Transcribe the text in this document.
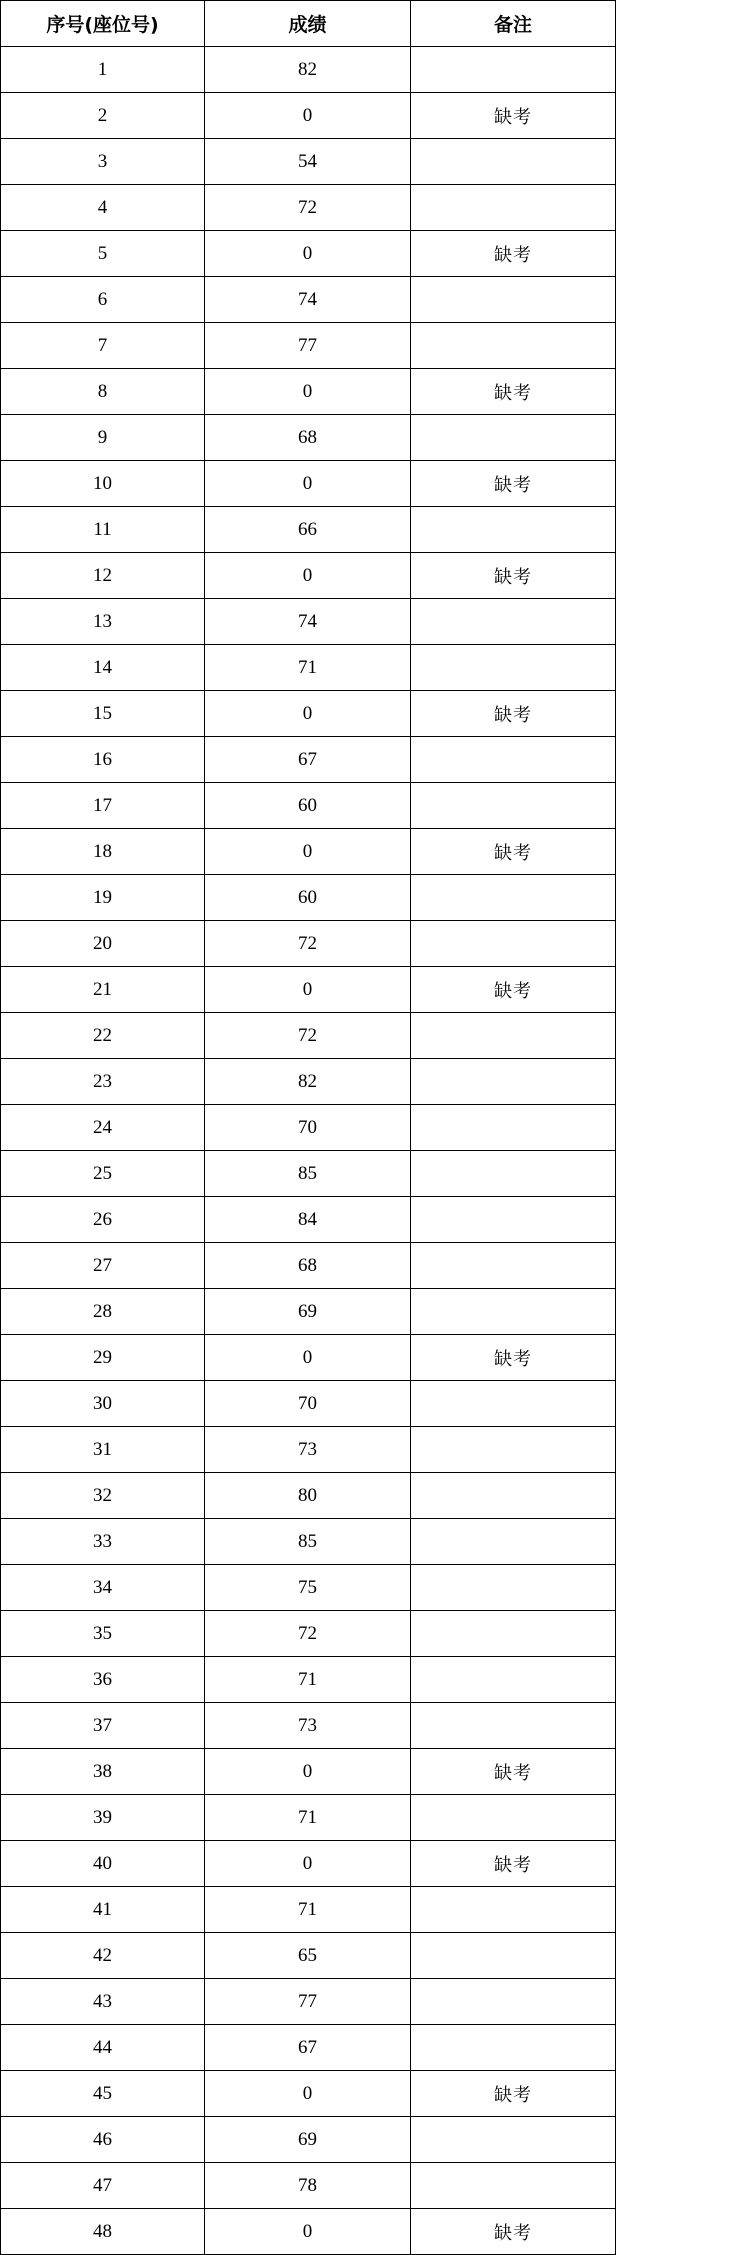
序号(座位号)	成绩	备注
1	82	
2	0	缺考
3	54	
4	72	
5	0	缺考
6	74	
7	77	
8	0	缺考
9	68	
10	0	缺考
11	66	
12	0	缺考
13	74	
14	71	
15	0	缺考
16	67	
17	60	
18	0	缺考
19	60	
20	72	
21	0	缺考
22	72	
23	82	
24	70	
25	85	
26	84	
27	68	
28	69	
29	0	缺考
30	70	
31	73	
32	80	
33	85	
34	75	
35	72	
36	71	
37	73	
38	0	缺考
39	71	
40	0	缺考
41	71	
42	65	
43	77	
44	67	
45	0	缺考
46	69	
47	78	
48	0	缺考
